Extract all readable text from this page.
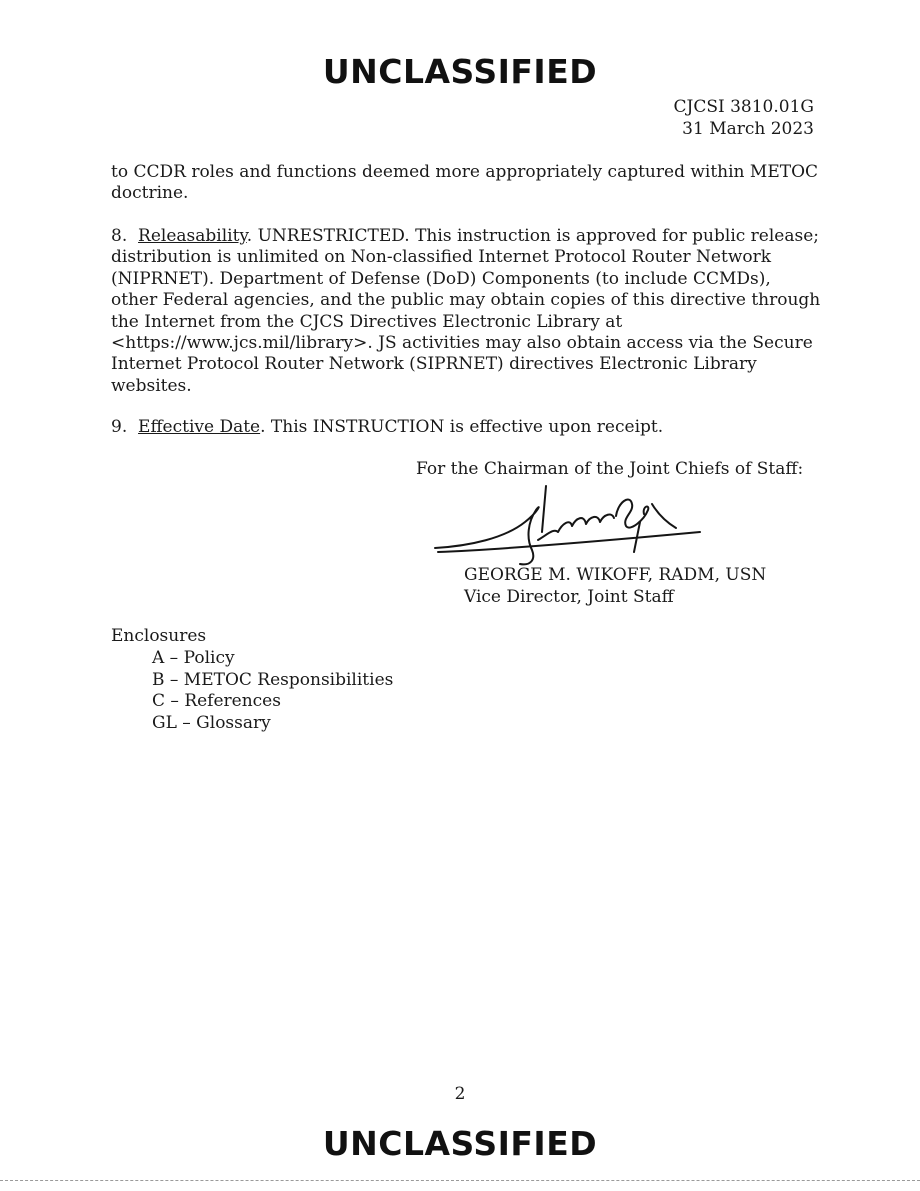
UNCLASSIFIED
CJCSI 3810.01G
31 March 2023

to CCDR roles and functions deemed more appropriately captured within METOC doctrine.

8. Releasability. UNRESTRICTED. This instruction is approved for public release; distribution is unlimited on Non-classified Internet Protocol Router Network (NIPRNET). Department of Defense (DoD) Components (to include CCMDs), other Federal agencies, and the public may obtain copies of this directive through the Internet from the CJCS Directives Electronic Library at <https://www.jcs.mil/library>. JS activities may also obtain access via the Secure Internet Protocol Router Network (SIPRNET) directives Electronic Library websites.

9. Effective Date. This INSTRUCTION is effective upon receipt.

For the Chairman of the Joint Chiefs of Staff:
GEORGE M. WIKOFF, RADM, USN
Vice Director, Joint Staff
Enclosures
A – Policy
B – METOC Responsibilities
C – References
GL – Glossary
2
UNCLASSIFIED
